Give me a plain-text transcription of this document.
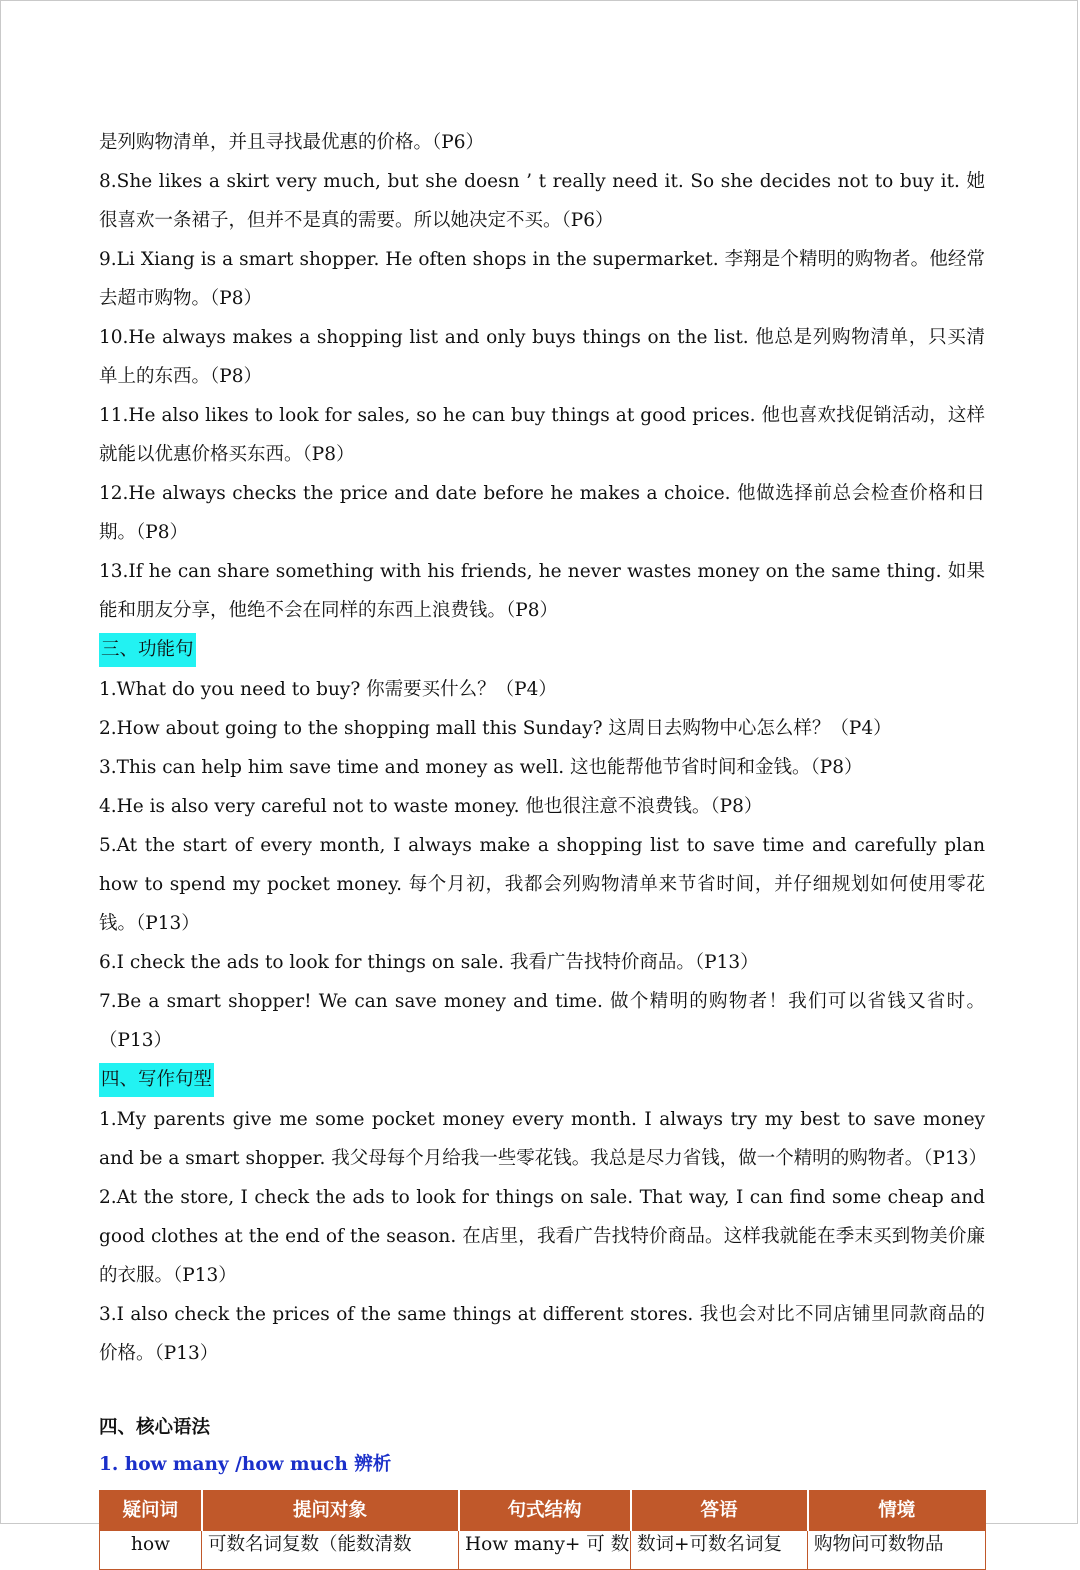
是列购物清单，并且寻找最优惠的价格。（P6）

8.She likes a skirt very much, but she doesn ’ t really need it. So she decides not to buy it. 她很喜欢一条裙子，但并不是真的需要。所以她决定不买。（P6）

9.Li Xiang is a smart shopper. He often shops in the supermarket. 李翔是个精明的购物者。他经常去超市购物。（P8）

10.He always makes a shopping list and only buys things on the list. 他总是列购物清单，只买清单上的东西。（P8）

11.He also likes to look for sales, so he can buy things at good prices. 他也喜欢找促销活动，这样就能以优惠价格买东西。（P8）

12.He always checks the price and date before he makes a choice. 他做选择前总会检查价格和日期。（P8）

13.If he can share something with his friends, he never wastes money on the same thing. 如果能和朋友分享，他绝不会在同样的东西上浪费钱。（P8）

三、功能句

1.What do you need to buy? 你需要买什么？（P4）

2.How about going to the shopping mall this Sunday? 这周日去购物中心怎么样？（P4）

3.This can help him save time and money as well. 这也能帮他节省时间和金钱。（P8）

4.He is also very careful not to waste money. 他也很注意不浪费钱。（P8）

5.At the start of every month, I always make a shopping list to save time and carefully plan how to spend my pocket money. 每个月初，我都会列购物清单来节省时间，并仔细规划如何使用零花钱。（P13）

6.I check the ads to look for things on sale. 我看广告找特价商品。（P13）

7.Be a smart shopper! We can save money and time. 做个精明的购物者！我们可以省钱又省时。（P13）

四、写作句型

1.My parents give me some pocket money every month. I always try my best to save money and be a smart shopper. 我父母每个月给我一些零花钱。我总是尽力省钱，做一个精明的购物者。（P13）

2.At the store, I check the ads to look for things on sale. That way, I can find some cheap and good clothes at the end of the season. 在店里，我看广告找特价商品。这样我就能在季末买到物美价廉的衣服。（P13）

3.I also check the prices of the same things at different stores. 我也会对比不同店铺里同款商品的价格。（P13）

四、核心语法
1. how many /how much 辨析
疑问词	提问对象	句式结构	答语	情境
how	可数名词复数（能数清数	How many+ 可 数	数词+可数名词复	购物问可数物品
